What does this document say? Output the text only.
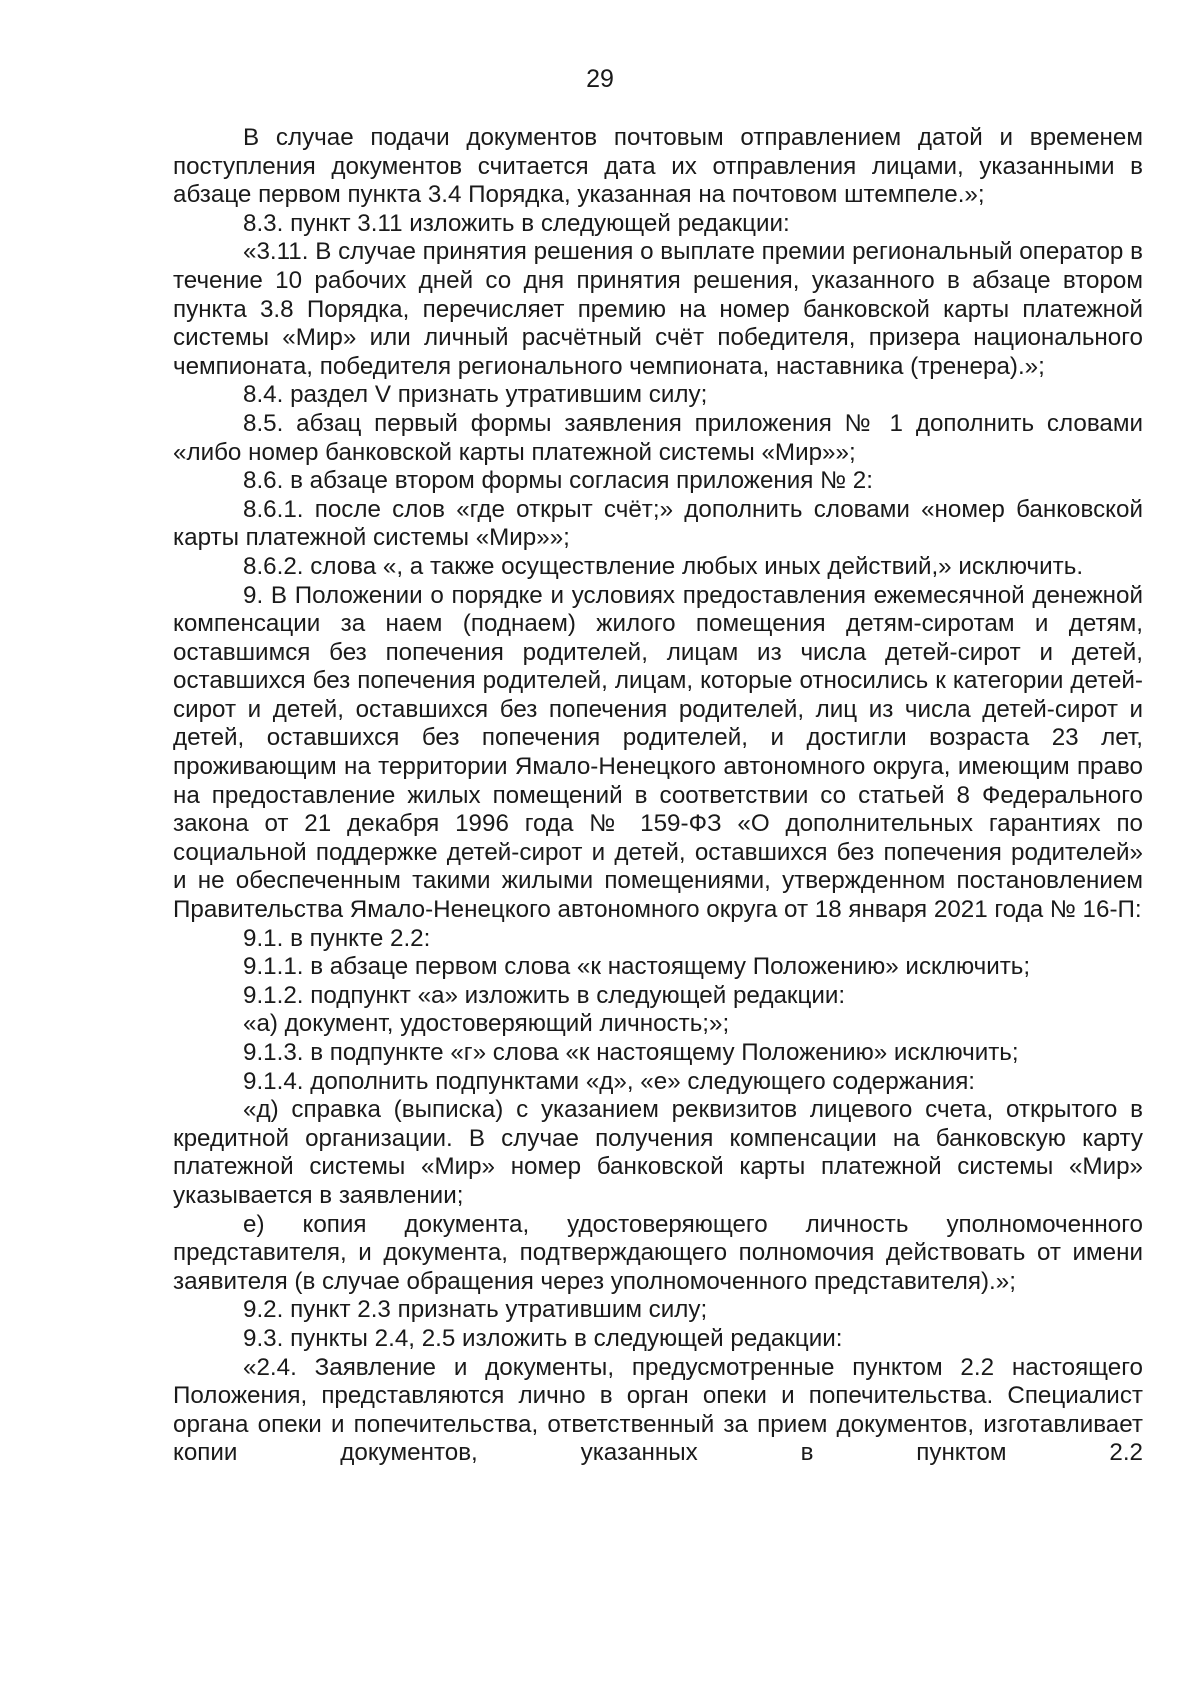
29

В случае подачи документов почтовым отправлением датой и временем поступления документов считается дата их отправления лицами, указанными в абзаце первом пункта 3.4 Порядка, указанная на почтовом штемпеле.»;

8.3. пункт 3.11 изложить в следующей редакции:

«3.11. В случае принятия решения о выплате премии региональный оператор в течение 10 рабочих дней со дня принятия решения, указанного в абзаце втором пункта 3.8 Порядка, перечисляет премию на номер банковской карты платежной системы «Мир» или личный расчётный счёт победителя, призера национального чемпионата, победителя регионального чемпионата, наставника (тренера).»;

8.4. раздел V признать утратившим силу;

8.5. абзац первый формы заявления приложения № 1 дополнить словами «либо номер банковской карты платежной системы «Мир»»;

8.6. в абзаце втором формы согласия приложения № 2:

8.6.1. после слов «где открыт счёт;» дополнить словами «номер банковской карты платежной системы «Мир»»;

8.6.2. слова «, а также осуществление любых иных действий,» исключить.

9. В Положении о порядке и условиях предоставления ежемесячной денежной компенсации за наем (поднаем) жилого помещения детям-сиротам и детям, оставшимся без попечения родителей, лицам из числа детей-сирот и детей, оставшихся без попечения родителей, лицам, которые относились к категории детей-сирот и детей, оставшихся без попечения родителей, лиц из числа детей-сирот и детей, оставшихся без попечения родителей, и достигли возраста 23 лет, проживающим на территории Ямало-Ненецкого автономного округа, имеющим право на предоставление жилых помещений в соответствии со статьей 8 Федерального закона от 21 декабря 1996 года № 159-ФЗ «О дополнительных гарантиях по социальной поддержке детей-сирот и детей, оставшихся без попечения родителей» и не обеспеченным такими жилыми помещениями, утвержденном постановлением Правительства Ямало-Ненецкого автономного округа от 18 января 2021 года № 16-П:

9.1. в пункте 2.2:

9.1.1. в абзаце первом слова «к настоящему Положению» исключить;

9.1.2. подпункт «а» изложить в следующей редакции:

«а) документ, удостоверяющий личность;»;

9.1.3. в подпункте «г» слова «к настоящему Положению» исключить;

9.1.4. дополнить подпунктами «д», «е» следующего содержания:

«д) справка (выписка) с указанием реквизитов лицевого счета, открытого в кредитной организации. В случае получения компенсации на банковскую карту платежной системы «Мир» номер банковской карты платежной системы «Мир» указывается в заявлении;

е) копия документа, удостоверяющего личность уполномоченного представителя, и документа, подтверждающего полномочия действовать от имени заявителя (в случае обращения через уполномоченного представителя).»;

9.2. пункт 2.3 признать утратившим силу;

9.3. пункты 2.4, 2.5 изложить в следующей редакции:

«2.4. Заявление и документы, предусмотренные пунктом 2.2 настоящего Положения, представляются лично в орган опеки и попечительства. Специалист органа опеки и попечительства, ответственный за прием документов, изготавливает копии документов, указанных в пунктом 2.2
